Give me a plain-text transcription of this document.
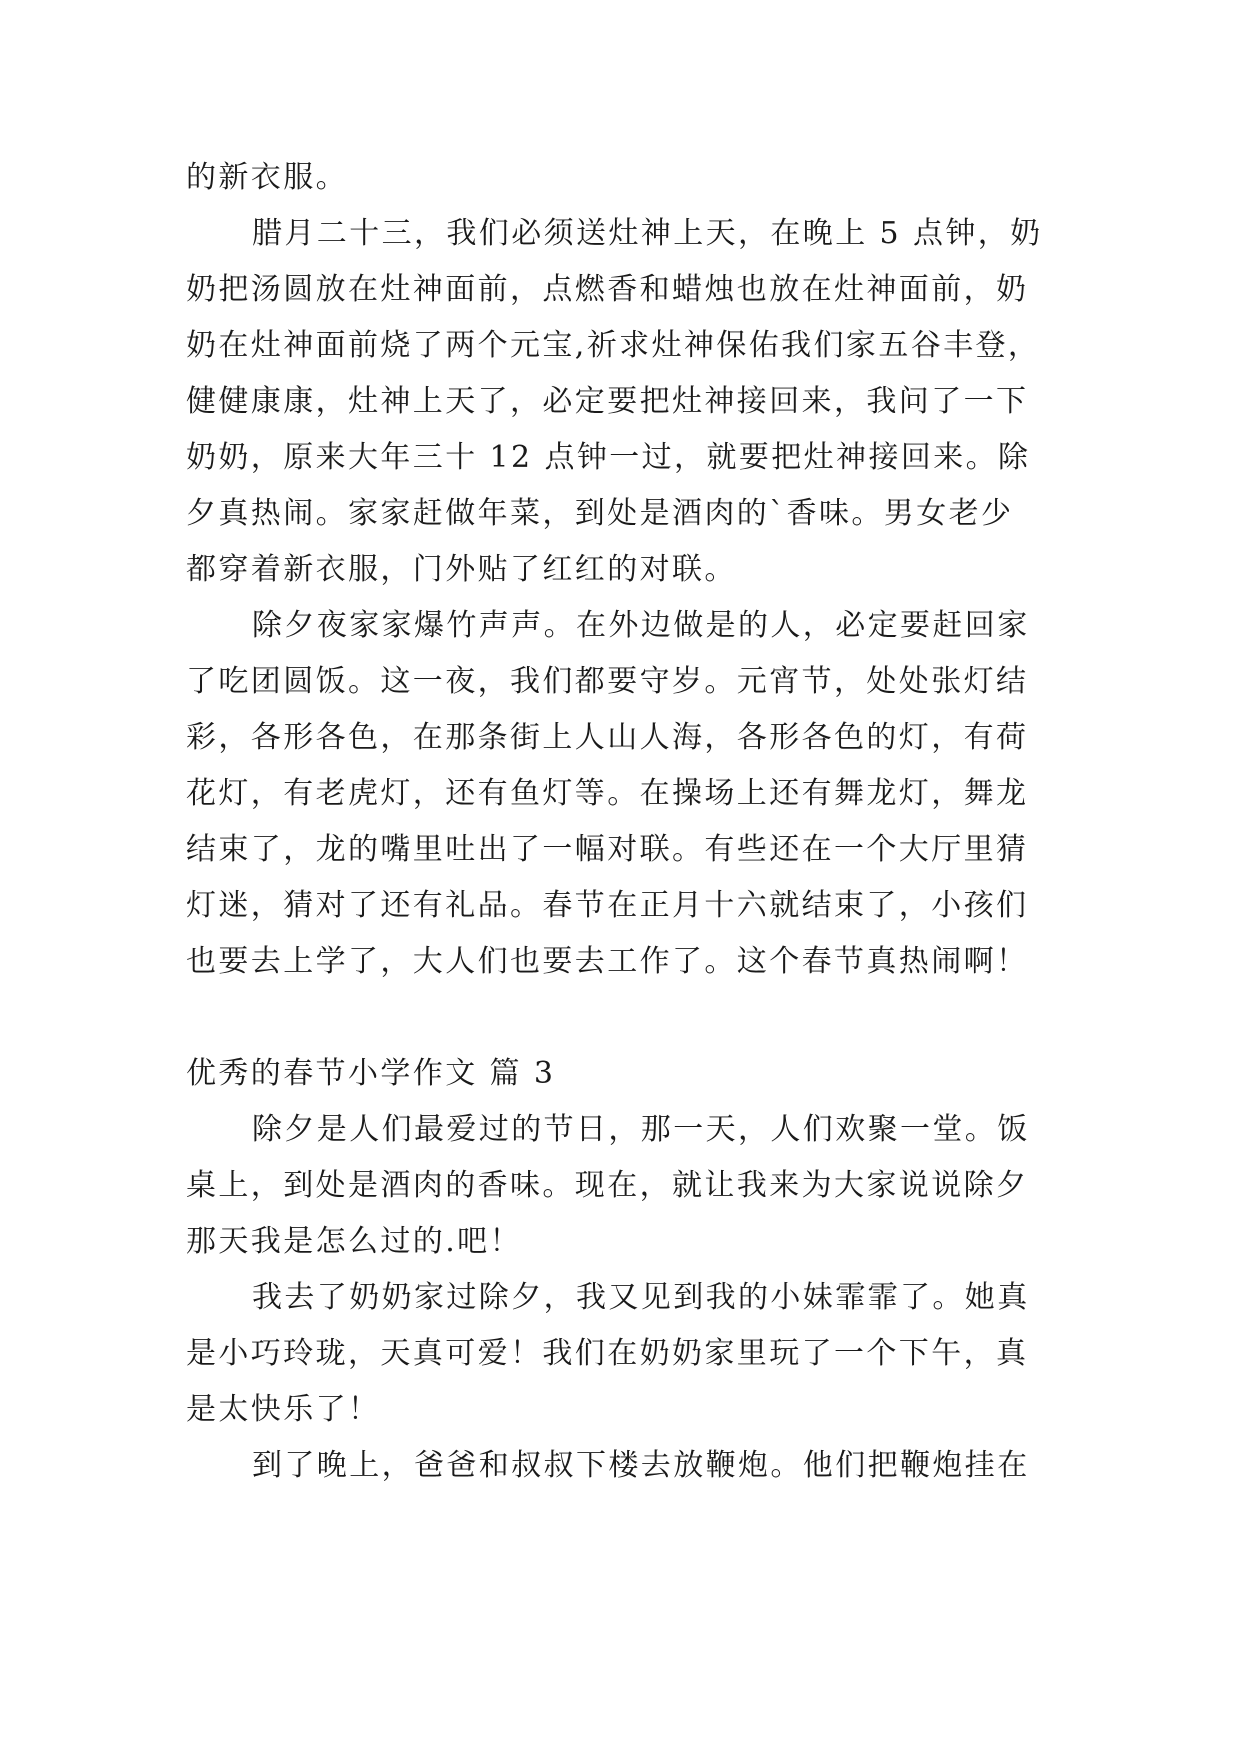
的新衣服。
腊月二十三，我们必须送灶神上天，在晚上 5 点钟，奶
奶把汤圆放在灶神面前，点燃香和蜡烛也放在灶神面前，奶
奶在灶神面前烧了两个元宝,祈求灶神保佑我们家五谷丰登，
健健康康，灶神上天了，必定要把灶神接回来，我问了一下
奶奶，原来大年三十 12 点钟一过，就要把灶神接回来。除
夕真热闹。家家赶做年菜，到处是酒肉的`香味。男女老少
都穿着新衣服，门外贴了红红的对联。
除夕夜家家爆竹声声。在外边做是的人，必定要赶回家
了吃团圆饭。这一夜，我们都要守岁。元宵节，处处张灯结
彩，各形各色，在那条街上人山人海，各形各色的灯，有荷
花灯，有老虎灯，还有鱼灯等。在操场上还有舞龙灯，舞龙
结束了，龙的嘴里吐出了一幅对联。有些还在一个大厅里猜
灯迷，猜对了还有礼品。春节在正月十六就结束了，小孩们
也要去上学了，大人们也要去工作了。这个春节真热闹啊！
优秀的春节小学作文 篇 3
除夕是人们最爱过的节日，那一天，人们欢聚一堂。饭
桌上，到处是酒肉的香味。现在，就让我来为大家说说除夕
那天我是怎么过的.吧！
我去了奶奶家过除夕，我又见到我的小妹霏霏了。她真
是小巧玲珑，天真可爱！我们在奶奶家里玩了一个下午，真
是太快乐了！
到了晚上，爸爸和叔叔下楼去放鞭炮。他们把鞭炮挂在
